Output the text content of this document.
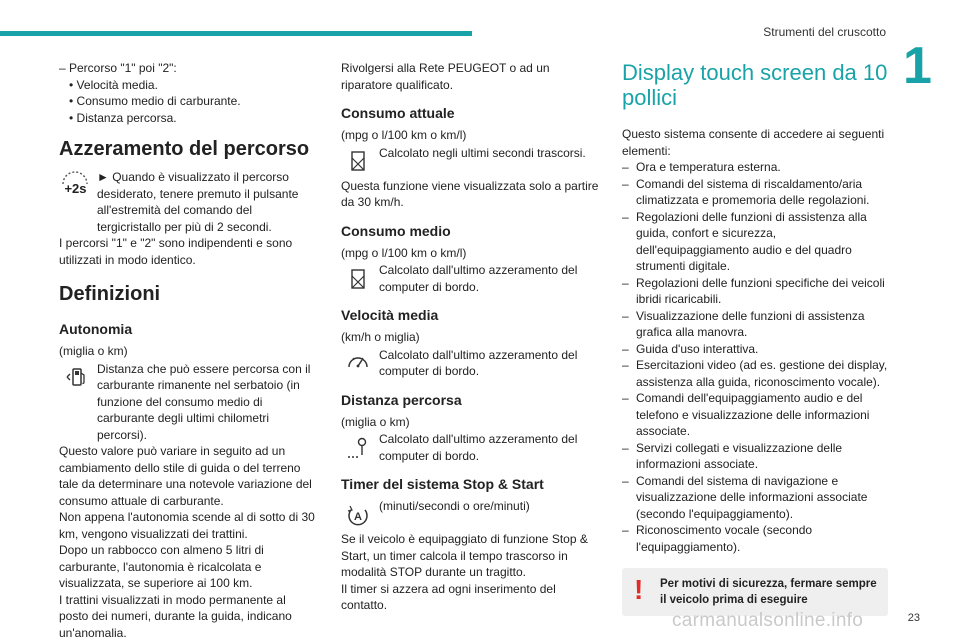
Strumenti del cruscotto
1
– Percorso "1" poi "2":
• Velocità media.
• Consumo medio di carburante.
• Distanza percorsa.
Azzeramento del percorso
+2s
► Quando è visualizzato il percorso desiderato, tenere premuto il pulsante all'estremità del comando del tergicristallo per più di 2 secondi.
I percorsi "1" e "2" sono indipendenti e sono utilizzati in modo identico.
Definizioni
Autonomia
(miglia o km)
Distanza che può essere percorsa con il carburante rimanente nel serbatoio (in funzione del consumo medio di carburante degli ultimi chilometri percorsi).
Questo valore può variare in seguito ad un cambiamento dello stile di guida o del terreno tale da determinare una notevole variazione del consumo attuale di carburante.
Non appena l'autonomia scende al di sotto di 30 km, vengono visualizzati dei trattini.
Dopo un rabbocco con almeno 5 litri di carburante, l'autonomia è ricalcolata e visualizzata, se superiore ai 100 km.
I trattini visualizzati in modo permanente al posto dei numeri, durante la guida, indicano un'anomalia.
Rivolgersi alla Rete PEUGEOT o ad un riparatore qualificato.
Consumo attuale
(mpg o l/100 km o km/l)
Calcolato negli ultimi secondi trascorsi.
Questa funzione viene visualizzata solo a partire da 30 km/h.
Consumo medio
(mpg o l/100 km o km/l)
Calcolato dall'ultimo azzeramento del computer di bordo.
Velocità media
(km/h o miglia)
Calcolato dall'ultimo azzeramento del computer di bordo.
Distanza percorsa
(miglia o km)
Calcolato dall'ultimo azzeramento del computer di bordo.
Timer del sistema Stop & Start
A
(minuti/secondi o ore/minuti)
Se il veicolo è equipaggiato di funzione Stop & Start, un timer calcola il tempo trascorso in modalità STOP durante un tragitto.
Il timer si azzera ad ogni inserimento del contatto.
Display touch screen da 10 pollici
Questo sistema consente di accedere ai seguenti elementi:
– Ora e temperatura esterna.
– Comandi del sistema di riscaldamento/aria climatizzata e promemoria delle regolazioni.
– Regolazioni delle funzioni di assistenza alla guida, confort e sicurezza, dell'equipaggiamento audio e del quadro strumenti digitale.
– Regolazioni delle funzioni specifiche dei veicoli ibridi ricaricabili.
– Visualizzazione delle funzioni di assistenza grafica alla manovra.
– Guida d'uso interattiva.
– Esercitazioni video (ad es. gestione dei display, assistenza alla guida, riconoscimento vocale).
– Comandi dell'equipaggiamento audio e del telefono e visualizzazione delle informazioni associate.
– Servizi collegati e visualizzazione delle informazioni associate.
– Comandi del sistema di navigazione e visualizzazione delle informazioni associate (secondo l'equipaggiamento).
– Riconoscimento vocale (secondo l'equipaggiamento).
!	Per motivi di sicurezza, fermare sempre il veicolo prima di eseguire
carmanualsonline.info	23
